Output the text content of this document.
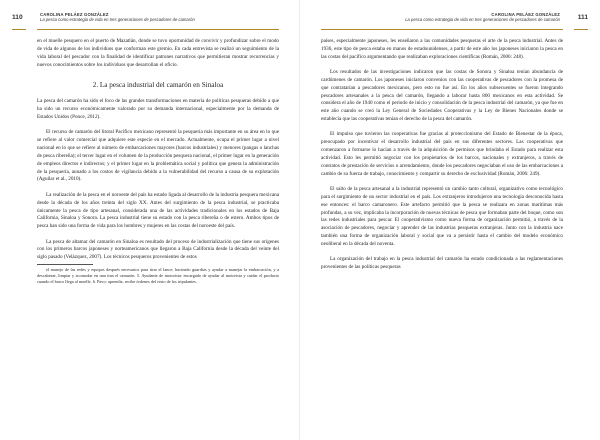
110	CAROLINA PELÁEZ GONZÁLEZ
La pesca como estrategia de vida en tres generaciones de pescadores de camarón

en el muelle pesquero en el puerto de Mazatlán, donde se tuvo oportunidad de convivir y profundizar sobre el modo de vida de algunos de los individuos que conforman este gremio. En cada entrevista se realizó un seguimiento de la vida laboral del pescador con la finalidad de identificar patrones narrativos que permitieran mostrar recurrencias y nuevos conocimientos sobre los individuos que desarrollan el oficio.

2. La pesca industrial del camarón en Sinaloa

La pesca del camarón ha sido el foco de las grandes transformaciones en materia de políticas pesqueras debido a que ha sido un recurso económicamente valorado por su demanda internacional, especialmente por la demanda de Estados Unidos (Ponce, 2012).

El recurso de camarón del litoral Pacífico mexicano representó la pesquería más importante en su área en lo que se refiere al valor comercial que adquiere este especie en el mercado. Actualmente, ocupa el primer lugar a nivel nacional en lo que se refiere al número de embarcaciones mayores (barcos industriales) y menores (pangas o lanchas de pesca ribereña); el tercer lugar en el volumen de la producción pesquera nacional, el primer lugar en la generación de empleos directos e indirectos; y el primer lugar en la problemática social y política que genera la administración de la pesquería, aunado a los costos de vigilancia debido a la vulnerabilidad del recurso a causa de su explotación (Aguilar et al., 2010).

La realización de la pesca en el noroeste del país ha estado ligada al desarrollo de la industria pesquera mexicana desde la década de los años treinta del siglo XX. Antes del surgimiento de la pesca industrial, se practicaba únicamente la pesca de tipo artesanal, considerada una de las actividades tradicionales en los estados de Baja California, Sinaloa y Sonora. La pesca industrial tiene su estado con la pesca ribereña o de estero. Ambos tipos de pesca han sido una forma de vida para los hombres y mujeres en las costas del noroeste del país.

La pesca de altamar del camarón en Sinaloa es resultado del proceso de industrialización que tiene sus orígenes con los primeros barcos japoneses y norteamericanos que llegaron a Baja California desde la década del veinte del siglo pasado (Velázquez, 2007). Los técnicos pesqueros provenientes de estos

el manejo de las redes y equipos después necesarios para tirar el lance; haciendo guardias y ayudar a manejar la embarcación, y a descabezar, limpiar y acomodar en una tina el camarón. 5. Ayudante de motorista: encargado de ayudar al motorista y cuidar el producto cuando el barco llega al muelle. 6. Pavo: aprendiz, recibe órdenes del resto de los tripulantes.

111
CAROLINA PELÁEZ GONZÁLEZ
La pesca como estrategia de vida en tres generaciones de pescadores de camarón

países, especialmente japoneses, les enseñaron a las comunidades pesqueras el arte de la pesca industrial. Antes de 1936, este tipo de pesca estaba en manos de estadounidenses, a partir de este año los japoneses iniciaron la pesca en las costas del pacífico argumentando que realizaban exploraciones científicas (Román, 2006: 248).

Los resultados de las investigaciones indicaron que las costas de Sonora y Sinaloa tenían abundancia de cardúmenes de camarón. Los japoneses iniciaron convenios con las cooperativas de pescadores con la promesa de que contratarían a pescadores mexicanos, pero esto no fue así. En los años subsecuentes se fueron integrando pescadores artesanales a la pesca del camarón, llegando a laborar hasta 800 mexicanos en esta actividad. Se considera el año de 1940 como el periodo de inicio y consolidación de la pesca industrial del camarón, ya que fue en este año cuando se creó la Ley General de Sociedades Cooperativas y la Ley de Bienes Nacionales donde se establecía que las cooperativas tenían el derecho de la pesca del camarón.

El impulso que tuvieron las cooperativas fue gracias al proteccionismo del Estado de Bienestar de la época, preocupado por incentivar el desarrollo industrial del país en sus diferentes sectores. Las cooperativas que comenzaron a formarse lo hacían a través de la adquisición de permisos que brindaba el Estado para realizar esta actividad. Esto les permitió negociar con los propietarios de los barcos, nacionales y extranjeros, a través de contratos de prestación de servicios o arrendamiento, donde los pescadores negociaban el uso de las embarcaciones a cambio de su fuerza de trabajo, conocimiento y compartir su derecho de exclusividad (Román, 2006: 249).

El salto de la pesca artesanal a la industrial representó un cambio tanto cultural, organizativo como tecnológico para el surgimiento de un sector industrial en el país. Los extranjeros introdujeron una tecnología desconocida hasta ese entonces: el barco camaronero. Este artefacto permitió que la pesca se realizara en zonas marítimas más profundas, a su vez, implicaba la incorporación de nuevas técnicas de pesca que formaban parte del buque, como son las redes industriales para pescar. El cooperativismo como nueva forma de organización permitió, a través de la asociación de pescadores, negociar y aprender de las industrias pesqueras extranjeras. Junto con la industria nace también una forma de organización laboral y social que va a persistir hasta el cambio del modelo económico neoliberal en la década del noventa.

La organización del trabajo en la pesca industrial del camarón ha estado condicionada a las reglamentaciones provenientes de las políticas pesqueras
